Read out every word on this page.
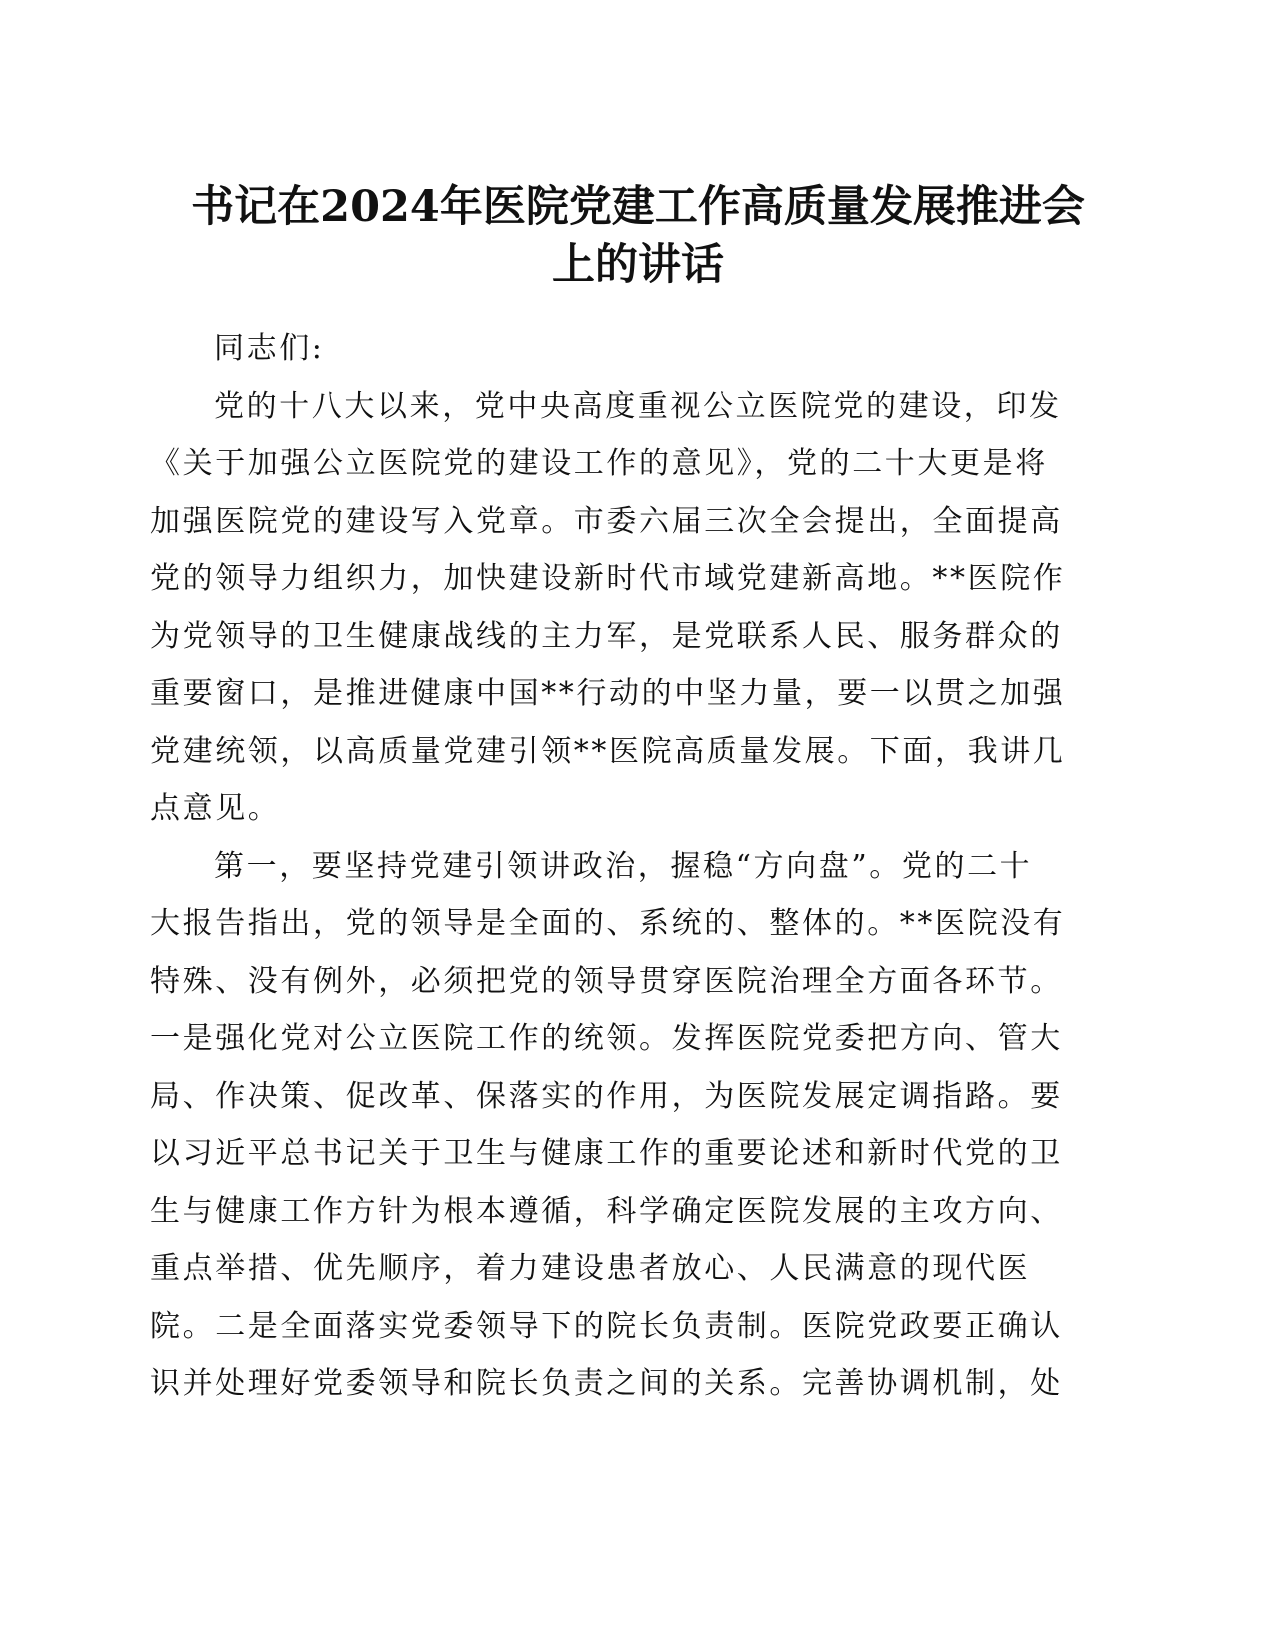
书记在2024年医院党建工作高质量发展推进会
上的讲话
同志们:
党的十八大以来，党中央高度重视公立医院党的建设，印发
《关于加强公立医院党的建设工作的意见》，党的二十大更是将
加强医院党的建设写入党章。市委六届三次全会提出，全面提高
党的领导力组织力，加快建设新时代市域党建新高地。**医院作
为党领导的卫生健康战线的主力军，是党联系人民、服务群众的
重要窗口，是推进健康中国**行动的中坚力量，要一以贯之加强
党建统领，以高质量党建引领**医院高质量发展。下面，我讲几
点意见。
第一，要坚持党建引领讲政治，握稳“方向盘”。党的二十
大报告指出，党的领导是全面的、系统的、整体的。**医院没有
特殊、没有例外，必须把党的领导贯穿医院治理全方面各环节。
一是强化党对公立医院工作的统领。发挥医院党委把方向、管大
局、作决策、促改革、保落实的作用，为医院发展定调指路。要
以习近平总书记关于卫生与健康工作的重要论述和新时代党的卫
生与健康工作方针为根本遵循，科学确定医院发展的主攻方向、
重点举措、优先顺序，着力建设患者放心、人民满意的现代医
院。二是全面落实党委领导下的院长负责制。医院党政要正确认
识并处理好党委领导和院长负责之间的关系。完善协调机制，处
